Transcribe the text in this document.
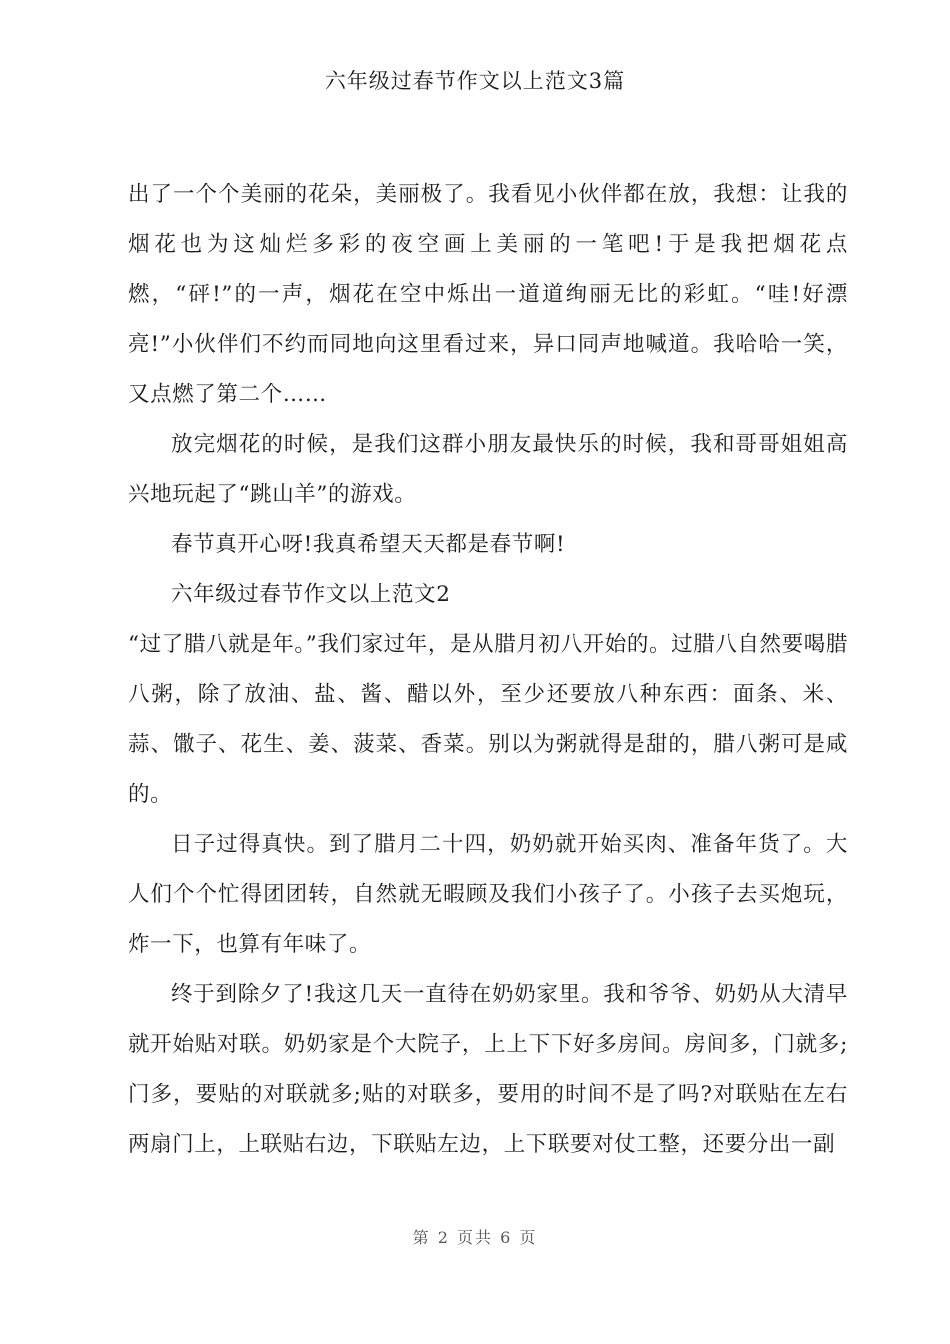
六年级过春节作文以上范文3篇

出了一个个美丽的花朵，美丽极了。我看见小伙伴都在放，我想：让我的烟花也为这灿烂多彩的夜空画上美丽的一笔吧!于是我把烟花点燃，“砰!”的一声，烟花在空中烁出一道道绚丽无比的彩虹。“哇!好漂亮!”小伙伴们不约而同地向这里看过来，异口同声地喊道。我哈哈一笑，又点燃了第二个……

放完烟花的时候，是我们这群小朋友最快乐的时候，我和哥哥姐姐高兴地玩起了“跳山羊”的游戏。

春节真开心呀!我真希望天天都是春节啊!

六年级过春节作文以上范文2

“过了腊八就是年。”我们家过年，是从腊月初八开始的。过腊八自然要喝腊八粥，除了放油、盐、酱、醋以外，至少还要放八种东西：面条、米、蒜、馓子、花生、姜、菠菜、香菜。别以为粥就得是甜的，腊八粥可是咸的。

日子过得真快。到了腊月二十四，奶奶就开始买肉、准备年货了。大人们个个忙得团团转，自然就无暇顾及我们小孩子了。小孩子去买炮玩，炸一下，也算有年味了。

终于到除夕了!我这几天一直待在奶奶家里。我和爷爷、奶奶从大清早就开始贴对联。奶奶家是个大院子，上上下下好多房间。房间多，门就多;门多，要贴的对联就多;贴的对联多，要用的时间不是了吗?对联贴在左右两扇门上，上联贴右边，下联贴左边，上下联要对仗工整，还要分出一副

第 2 页共 6 页
